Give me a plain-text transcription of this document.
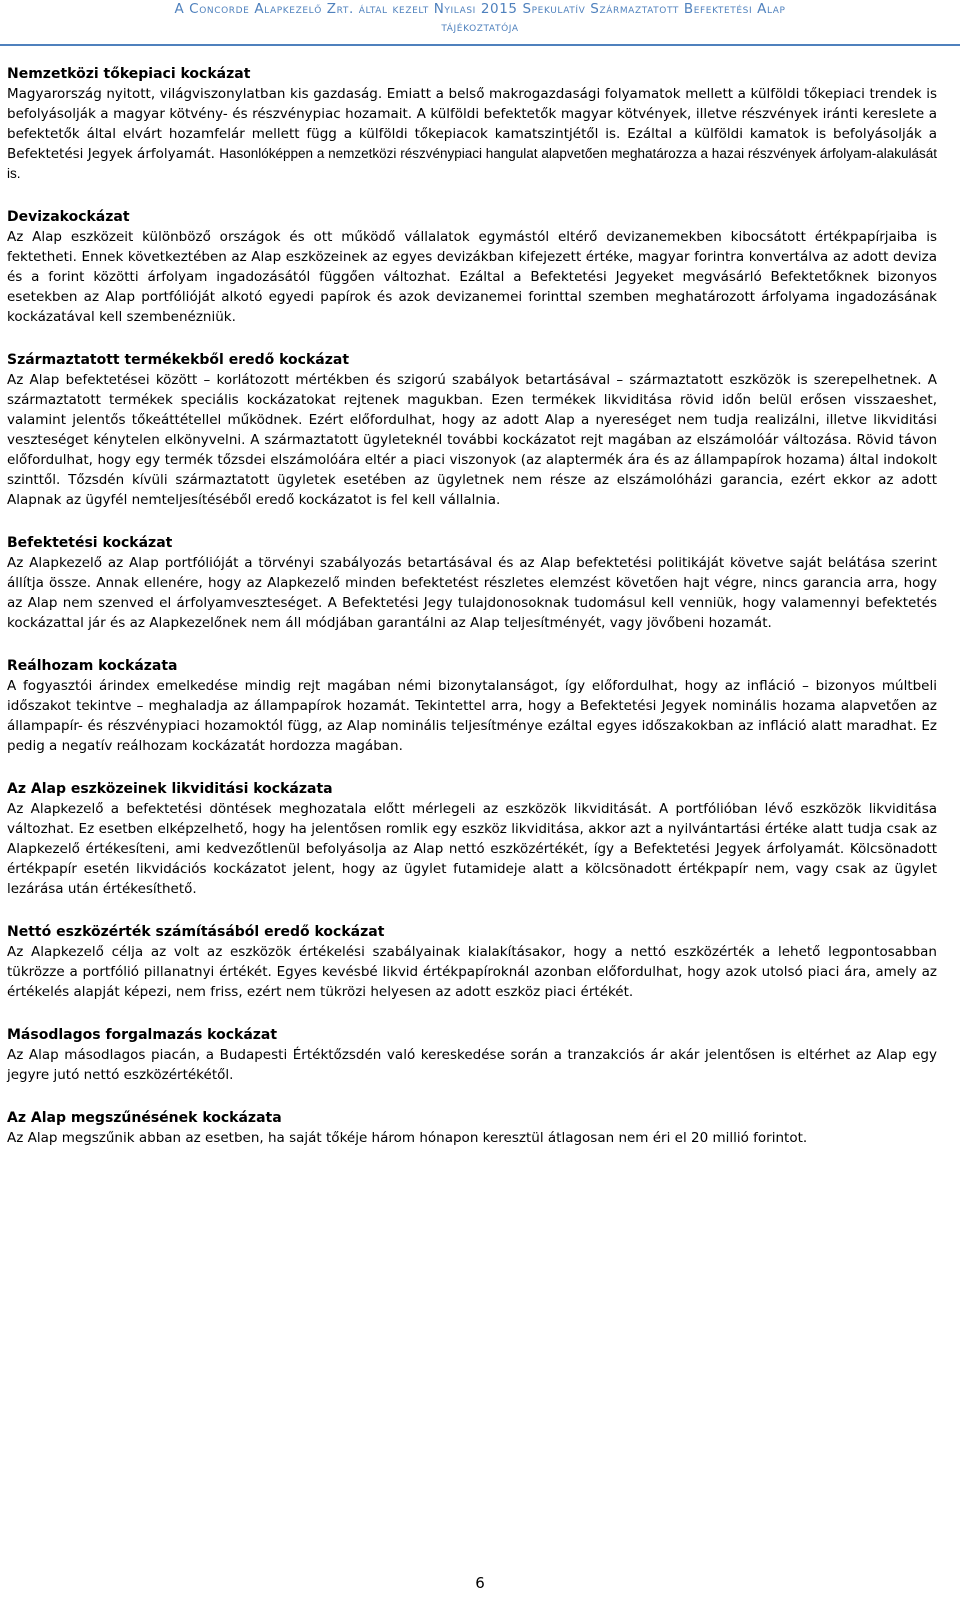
A Concorde Alapkezelő Zrt. által kezelt Nyilasi 2015 Spekulatív Származtatott Befektetési Alap
tájékoztatója
Nemzetközi tőkepiaci kockázat

Magyarország nyitott, világviszonylatban kis gazdaság. Emiatt a belső makrogazdasági folyamatok mellett a külföldi tőkepiaci trendek is befolyásolják a magyar kötvény- és részvénypiac hozamait. A külföldi befektetők magyar kötvények, illetve részvények iránti kereslete a befektetők által elvárt hozamfelár mellett függ a külföldi tőkepiacok kamatszintjétől is. Ezáltal a külföldi kamatok is befolyásolják a Befektetési Jegyek árfolyamát. Hasonlóképpen a nemzetközi részvénypiaci hangulat alapvetően meghatározza a hazai részvények árfolyam-alakulását is.

Devizakockázat

Az Alap eszközeit különböző országok és ott működő vállalatok egymástól eltérő devizanemekben kibocsátott értékpapírjaiba is fektetheti. Ennek következtében az Alap eszközeinek az egyes devizákban kifejezett értéke, magyar forintra konvertálva az adott deviza és a forint közötti árfolyam ingadozásától függően változhat. Ezáltal a Befektetési Jegyeket megvásárló Befektetőknek bizonyos esetekben az Alap portfólióját alkotó egyedi papírok és azok devizanemei forinttal szemben meghatározott árfolyama ingadozásának kockázatával kell szembenézniük.

Származtatott termékekből eredő kockázat

Az Alap befektetései között – korlátozott mértékben és szigorú szabályok betartásával – származtatott eszközök is szerepelhetnek. A származtatott termékek speciális kockázatokat rejtenek magukban. Ezen termékek likviditása rövid időn belül erősen visszaeshet, valamint jelentős tőkeáttétellel működnek. Ezért előfordulhat, hogy az adott Alap a nyereséget nem tudja realizálni, illetve likviditási veszteséget kénytelen elkönyvelni. A származtatott ügyleteknél további kockázatot rejt magában az elszámolóár változása. Rövid távon előfordulhat, hogy egy termék tőzsdei elszámolóára eltér a piaci viszonyok (az alaptermék ára és az állampapírok hozama) által indokolt szinttől. Tőzsdén kívüli származtatott ügyletek esetében az ügyletnek nem része az elszámolóházi garancia, ezért ekkor az adott Alapnak az ügyfél nemteljesítéséből eredő kockázatot is fel kell vállalnia.

Befektetési kockázat

Az Alapkezelő az Alap portfólióját a törvényi szabályozás betartásával és az Alap befektetési politikáját követve saját belátása szerint állítja össze. Annak ellenére, hogy az Alapkezelő minden befektetést részletes elemzést követően hajt végre, nincs garancia arra, hogy az Alap nem szenved el árfolyamveszteséget. A Befektetési Jegy tulajdonosoknak tudomásul kell venniük, hogy valamennyi befektetés kockázattal jár és az Alapkezelőnek nem áll módjában garantálni az Alap teljesítményét, vagy jövőbeni hozamát.

Reálhozam kockázata

A fogyasztói árindex emelkedése mindig rejt magában némi bizonytalanságot, így előfordulhat, hogy az infláció – bizonyos múltbeli időszakot tekintve – meghaladja az állampapírok hozamát. Tekintettel arra, hogy a Befektetési Jegyek nominális hozama alapvetően az állampapír- és részvénypiaci hozamoktól függ, az Alap nominális teljesítménye ezáltal egyes időszakokban az infláció alatt maradhat. Ez pedig a negatív reálhozam kockázatát hordozza magában.

Az Alap eszközeinek likviditási kockázata

Az Alapkezelő a befektetési döntések meghozatala előtt mérlegeli az eszközök likviditását. A portfólióban lévő eszközök likviditása változhat. Ez esetben elképzelhető, hogy ha jelentősen romlik egy eszköz likviditása, akkor azt a nyilvántartási értéke alatt tudja csak az Alapkezelő értékesíteni, ami kedvezőtlenül befolyásolja az Alap nettó eszközértékét, így a Befektetési Jegyek árfolyamát. Kölcsönadott értékpapír esetén likvidációs kockázatot jelent, hogy az ügylet futamideje alatt a kölcsönadott értékpapír nem, vagy csak az ügylet lezárása után értékesíthető.

Nettó eszközérték számításából eredő kockázat

Az Alapkezelő célja az volt az eszközök értékelési szabályainak kialakításakor, hogy a nettó eszközérték a lehető legpontosabban tükrözze a portfólió pillanatnyi értékét. Egyes kevésbé likvid értékpapíroknál azonban előfordulhat, hogy azok utolsó piaci ára, amely az értékelés alapját képezi, nem friss, ezért nem tükrözi helyesen az adott eszköz piaci értékét.

Másodlagos forgalmazás kockázat

Az Alap másodlagos piacán, a Budapesti Értéktőzsdén való kereskedése során a tranzakciós ár akár jelentősen is eltérhet az Alap egy jegyre jutó nettó eszközértékétől.

Az Alap megszűnésének kockázata

Az Alap megszűnik abban az esetben, ha saját tőkéje három hónapon keresztül átlagosan nem éri el 20 millió forintot.

6
